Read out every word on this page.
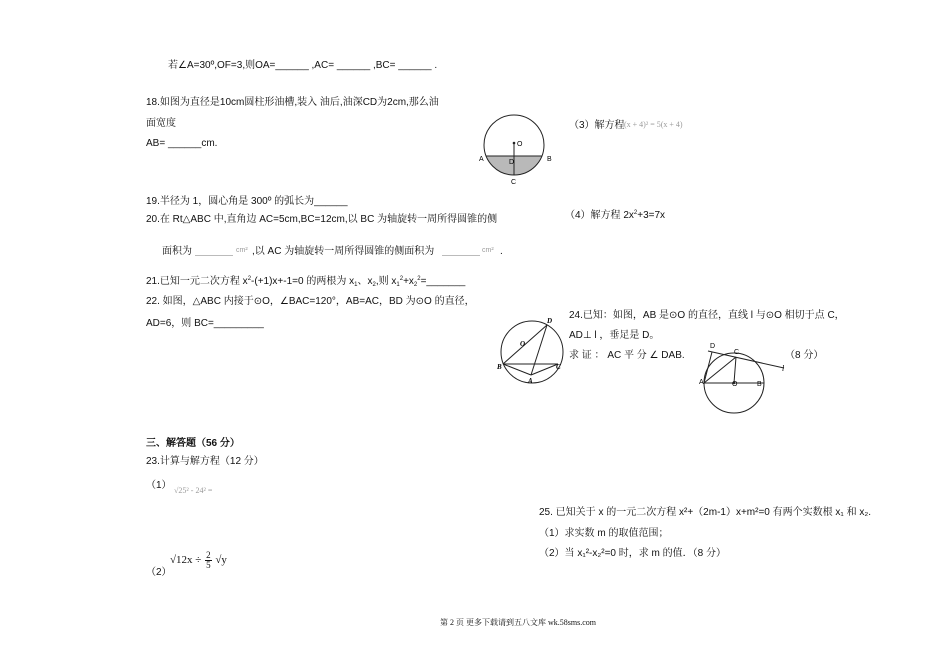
若∠A=30º,OF=3,则OA=______ ,AC= ______ ,BC= ______ .
18.如图为直径是10cm圆柱形油槽,装入 油后,油深CD为2cm,那么油
面宽度
AB= ______cm.	O
A	B
D
C
（3）解方程 (x + 4)² = 5(x + 4)
19.半径为 1，圆心角是 300º 的弧长为______
20.在 Rt△ABC 中,直角边 AC=5cm,BC=12cm,以 BC 为轴旋转一周所得圆锥的侧
面积为	cm² ,以 AC 为轴旋转一周所得圆锥的侧面积为	cm² .
（4）解方程 $2x^2+3=7x$
21.已知一元二次方程 $x^2-(+1)x+-1=0$ 的两根为 $x_1$、$x_2$,则 $x_1^2+x_2^2=\_\_\_\_\_\_\_$
22. 如图，△ABC 内接于⊙O，∠BAC=120°，AB=AC，BD 为⊙O 的直径，
AD=6，则 BC=_________	D
O
B	C
A
24.已知：如图，AB 是⊙O 的直径，直线 l 与⊙O 相切于点 C，
AD⊥ l ，垂足是 D。
求 证 ： AC 平 分 ∠ DAB.	（8 分）
D
C
A	O	B
l
三、解答题（56 分）
23.计算与解方程（12 分）
（1） √25² - 24² =
（2）
$√12x \div \frac{2}{5} √y$
25. 已知关于 x 的一元二次方程 x²+（2m-1）x+m²=0 有两个实数根 x₁ 和 x₂.
（1）求实数 m 的取值范围；
（2）当 x₁²-x₂²=0 时，求 m 的值．（8 分）
第 2 页 更多下载请到五八文库 wk.58sms.com
